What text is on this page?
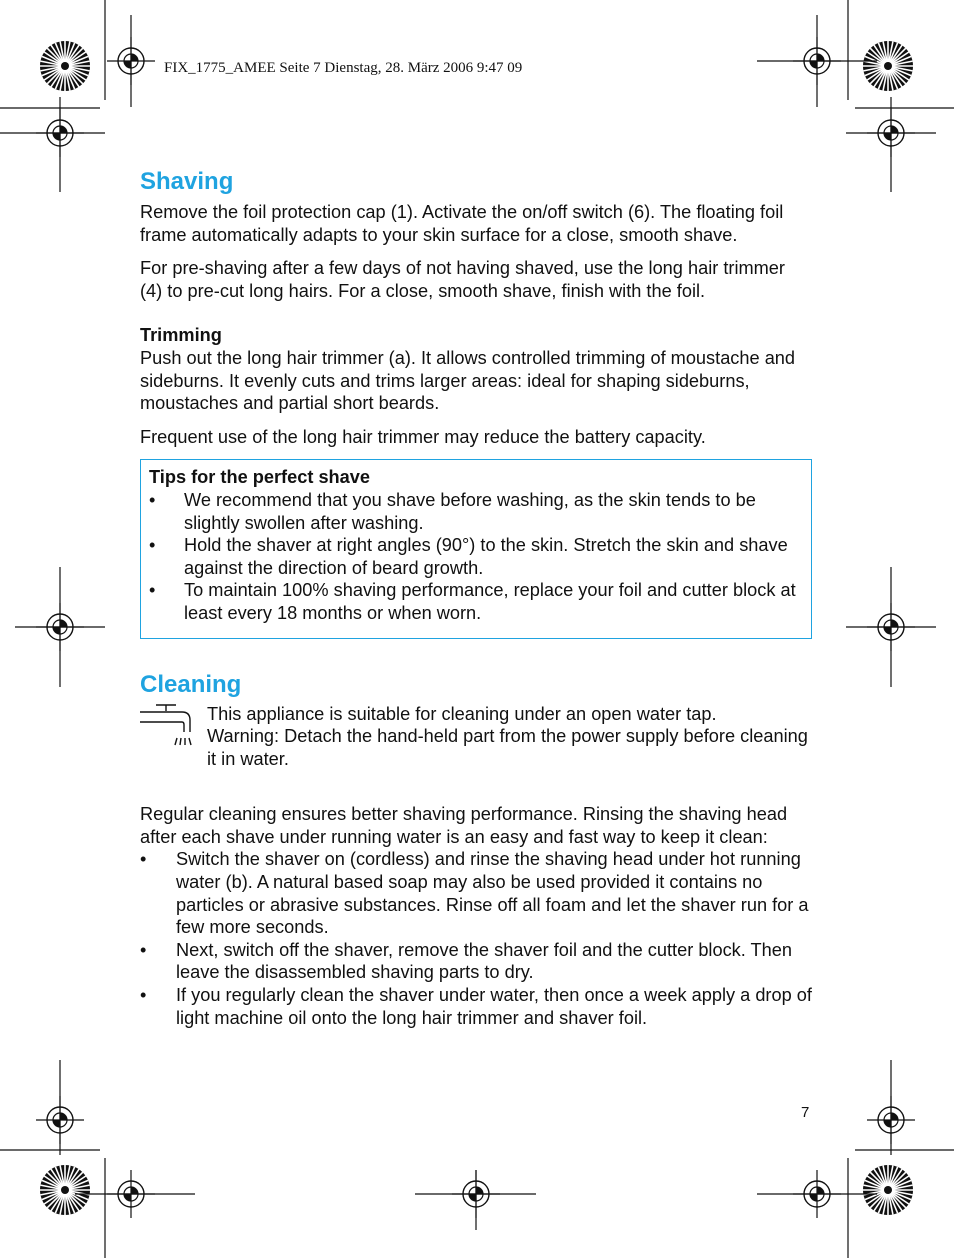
FIX_1775_AMEE Seite 7 Dienstag, 28. März 2006 9:47 09
Shaving

Remove the foil protection cap (1). Activate the on/off switch (6). The floating foil frame automatically adapts to your skin surface for a close, smooth shave.

For pre-shaving after a few days of not having shaved, use the long hair trimmer (4) to pre-cut long hairs. For a close, smooth shave, finish with the foil.

Trimming

Push out the long hair trimmer (a). It allows controlled trimming of moustache and sideburns. It evenly cuts and trims larger areas: ideal for shaping sideburns, moustaches and partial short beards.

Frequent use of the long hair trimmer may reduce the battery capacity.

Tips for the perfect shave

• We recommend that you shave before washing, as the skin tends to be slightly swollen after washing.
• Hold the shaver at right angles (90°) to the skin. Stretch the skin and shave against the direction of beard growth.
• To maintain 100% shaving performance, replace your foil and cutter block at least every 18 months or when worn.
Cleaning

This appliance is suitable for cleaning under an open water tap.

Warning: Detach the hand-held part from the power supply before cleaning it in water.

Regular cleaning ensures better shaving performance. Rinsing the shaving head after each shave under running water is an easy and fast way to keep it clean:

• Switch the shaver on (cordless) and rinse the shaving head under hot running water (b). A natural based soap may also be used provided it contains no particles or abrasive substances. Rinse off all foam and let the shaver run for a few more seconds.
• Next, switch off the shaver, remove the shaver foil and the cutter block. Then leave the disassembled shaving parts to dry.
• If you regularly clean the shaver under water, then once a week apply a drop of light machine oil onto the long hair trimmer and shaver foil.
7
